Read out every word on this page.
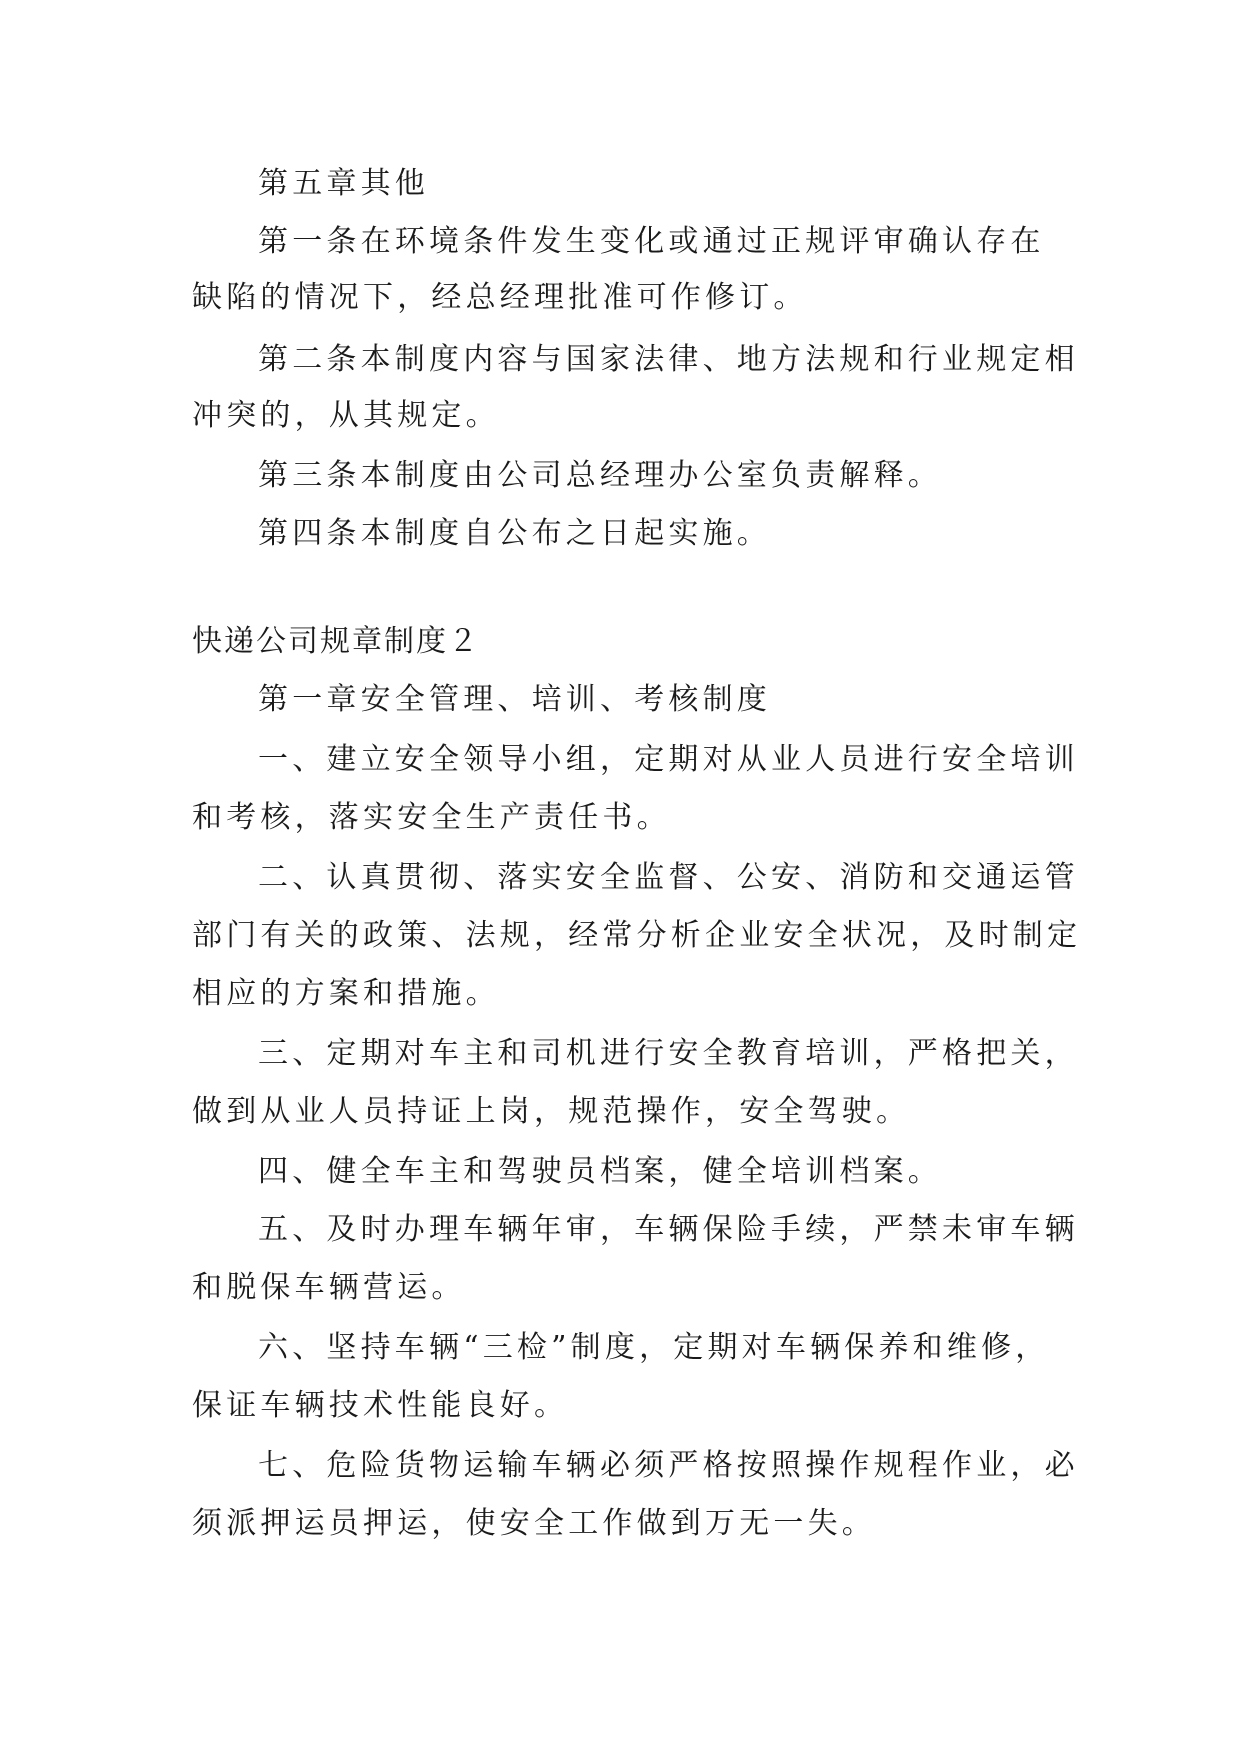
第五章其他
第一条在环境条件发生变化或通过正规评审确认存在
缺陷的情况下，经总经理批准可作修订。
第二条本制度内容与国家法律、地方法规和行业规定相
冲突的，从其规定。
第三条本制度由公司总经理办公室负责解释。
第四条本制度自公布之日起实施。
快递公司规章制度２
第一章安全管理、培训、考核制度
一、建立安全领导小组，定期对从业人员进行安全培训
和考核，落实安全生产责任书。
二、认真贯彻、落实安全监督、公安、消防和交通运管
部门有关的政策、法规，经常分析企业安全状况，及时制定
相应的方案和措施。
三、定期对车主和司机进行安全教育培训，严格把关，
做到从业人员持证上岗，规范操作，安全驾驶。
四、健全车主和驾驶员档案，健全培训档案。
五、及时办理车辆年审，车辆保险手续，严禁未审车辆
和脱保车辆营运。
六、坚持车辆“三检”制度，定期对车辆保养和维修，
保证车辆技术性能良好。
七、危险货物运输车辆必须严格按照操作规程作业，必
须派押运员押运，使安全工作做到万无一失。
